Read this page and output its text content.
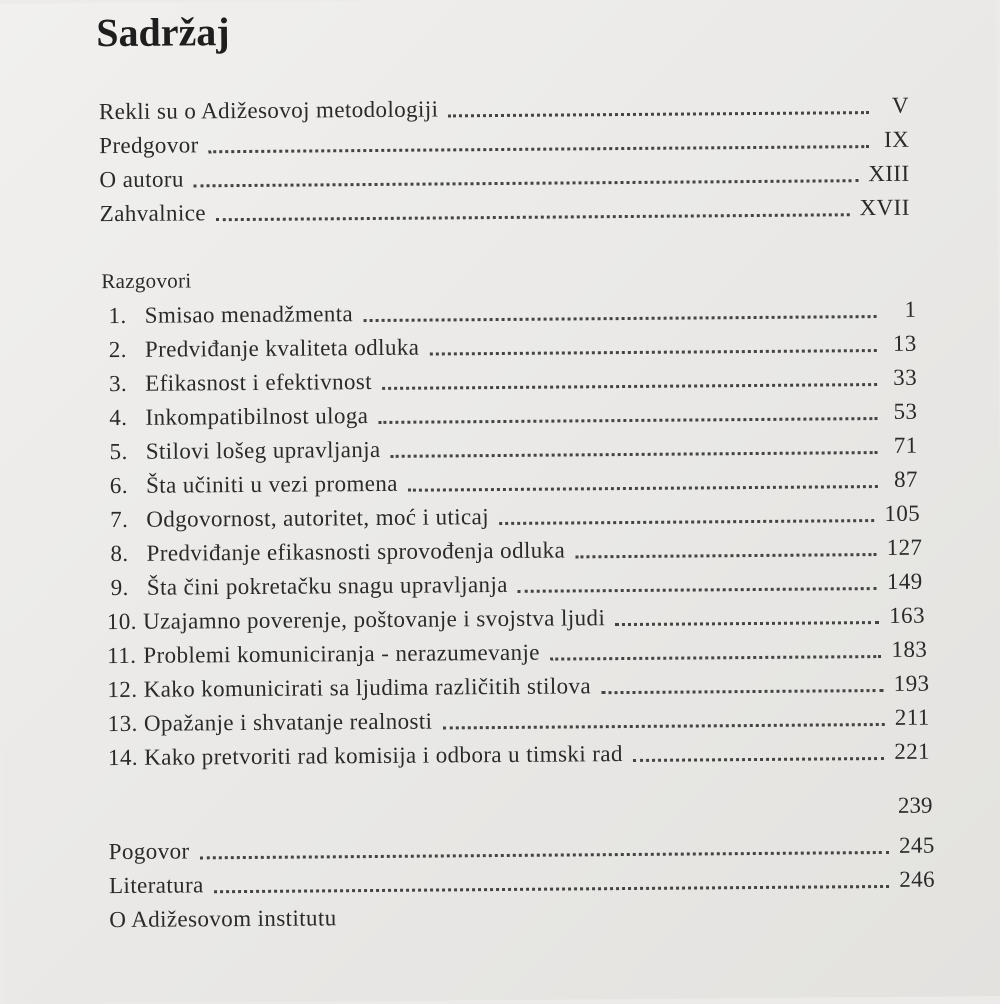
Sadržaj
Rekli su o Adižesovoj metodologiji	V
Predgovor	IX
O autoru	XIII
Zahvalnice	XVII
Razgovori
1. Smisao menadžmenta	1
2. Predviđanje kvaliteta odluka	13
3. Efikasnost i efektivnost	33
4. Inkompatibilnost uloga	53
5. Stilovi lošeg upravljanja	71
6. Šta učiniti u vezi promena	87
7. Odgovornost, autoritet, moć i uticaj	105
8. Predviđanje efikasnosti sprovođenja odluka	127
9. Šta čini pokretačku snagu upravljanja	149
10. Uzajamno poverenje, poštovanje i svojstva ljudi	163
11. Problemi komuniciranja - nerazumevanje	183
12. Kako komunicirati sa ljudima različitih stilova	193
13. Opažanje i shvatanje realnosti	211
14. Kako pretvoriti rad komisija i odbora u timski rad	221
239
Pogovor	245
Literatura	246
O Adižesovom institutu
